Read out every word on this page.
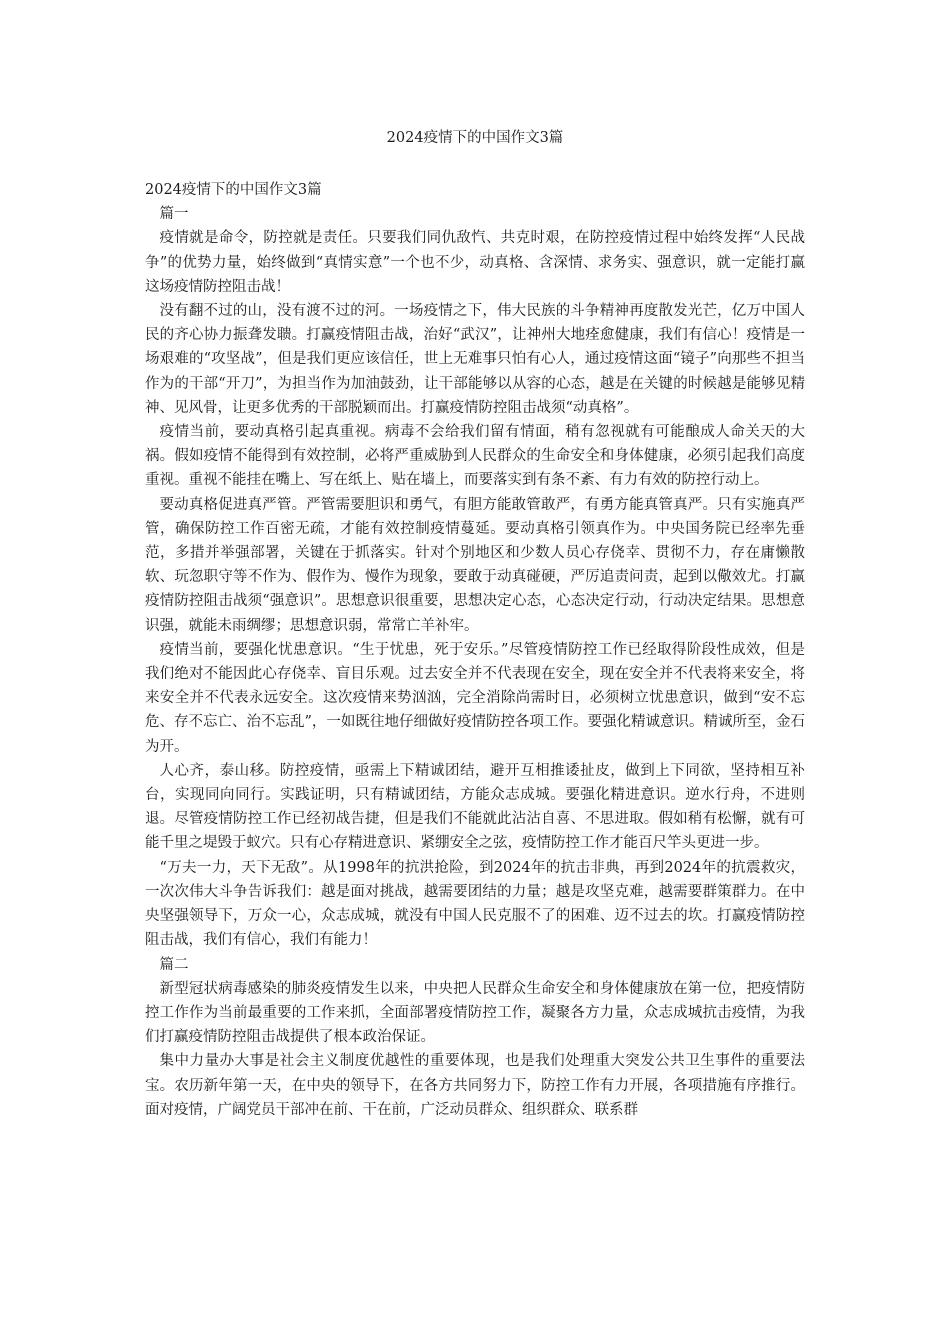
2024疫情下的中国作文3篇

2024疫情下的中国作文3篇

篇一

疫情就是命令，防控就是责任。只要我们同仇敌忾、共克时艰，在防控疫情过程中始终发挥“人民战争”的优势力量，始终做到“真情实意”一个也不少，动真格、含深情、求务实、强意识，就一定能打赢这场疫情防控阻击战！

没有翻不过的山，没有渡不过的河。一场疫情之下，伟大民族的斗争精神再度散发光芒，亿万中国人民的齐心协力振聋发聩。打赢疫情阻击战，治好“武汉”，让神州大地痊愈健康，我们有信心！疫情是一场艰难的“攻坚战”，但是我们更应该信任，世上无难事只怕有心人，通过疫情这面“镜子”向那些不担当作为的干部“开刀”，为担当作为加油鼓劲，让干部能够以从容的心态，越是在关键的时候越是能够见精神、见风骨，让更多优秀的干部脱颖而出。打赢疫情防控阻击战须“动真格”。

疫情当前，要动真格引起真重视。病毒不会给我们留有情面，稍有忽视就有可能酿成人命关天的大祸。假如疫情不能得到有效控制，必将严重威胁到人民群众的生命安全和身体健康，必须引起我们高度重视。重视不能挂在嘴上、写在纸上、贴在墙上，而要落实到有条不紊、有力有效的防控行动上。

要动真格促进真严管。严管需要胆识和勇气，有胆方能敢管敢严，有勇方能真管真严。只有实施真严管，确保防控工作百密无疏，才能有效控制疫情蔓延。要动真格引领真作为。中央国务院已经率先垂范，多措并举强部署，关键在于抓落实。针对个别地区和少数人员心存侥幸、贯彻不力，存在庸懒散软、玩忽职守等不作为、假作为、慢作为现象，要敢于动真碰硬，严厉追责问责，起到以儆效尤。打赢疫情防控阻击战须“强意识”。思想意识很重要，思想决定心态，心态决定行动，行动决定结果。思想意识强，就能未雨绸缪；思想意识弱，常常亡羊补牢。

疫情当前，要强化忧患意识。“生于忧患，死于安乐。”尽管疫情防控工作已经取得阶段性成效，但是我们绝对不能因此心存侥幸、盲目乐观。过去安全并不代表现在安全，现在安全并不代表将来安全，将来安全并不代表永远安全。这次疫情来势汹汹，完全消除尚需时日，必须树立忧患意识，做到“安不忘危、存不忘亡、治不忘乱”，一如既往地仔细做好疫情防控各项工作。要强化精诚意识。精诚所至，金石为开。

人心齐，泰山移。防控疫情，亟需上下精诚团结，避开互相推诿扯皮，做到上下同欲，坚持相互补台，实现同向同行。实践证明，只有精诚团结，方能众志成城。要强化精进意识。逆水行舟，不进则退。尽管疫情防控工作已经初战告捷，但是我们不能就此沾沾自喜、不思进取。假如稍有松懈，就有可能千里之堤毁于蚁穴。只有心存精进意识、紧绷安全之弦，疫情防控工作才能百尺竿头更进一步。

“万夫一力，天下无敌”。从1998年的抗洪抢险，到2024年的抗击非典，再到2024年的抗震救灾，一次次伟大斗争告诉我们：越是面对挑战，越需要团结的力量；越是攻坚克难，越需要群策群力。在中央坚强领导下，万众一心，众志成城，就没有中国人民克服不了的困难、迈不过去的坎。打赢疫情防控阻击战，我们有信心，我们有能力！

篇二

新型冠状病毒感染的肺炎疫情发生以来，中央把人民群众生命安全和身体健康放在第一位，把疫情防控工作作为当前最重要的工作来抓，全面部署疫情防控工作，凝聚各方力量，众志成城抗击疫情，为我们打赢疫情防控阻击战提供了根本政治保证。

集中力量办大事是社会主义制度优越性的重要体现，也是我们处理重大突发公共卫生事件的重要法宝。农历新年第一天，在中央的领导下，在各方共同努力下，防控工作有力开展，各项措施有序推行。面对疫情，广阔党员干部冲在前、干在前，广泛动员群众、组织群众、联系群
